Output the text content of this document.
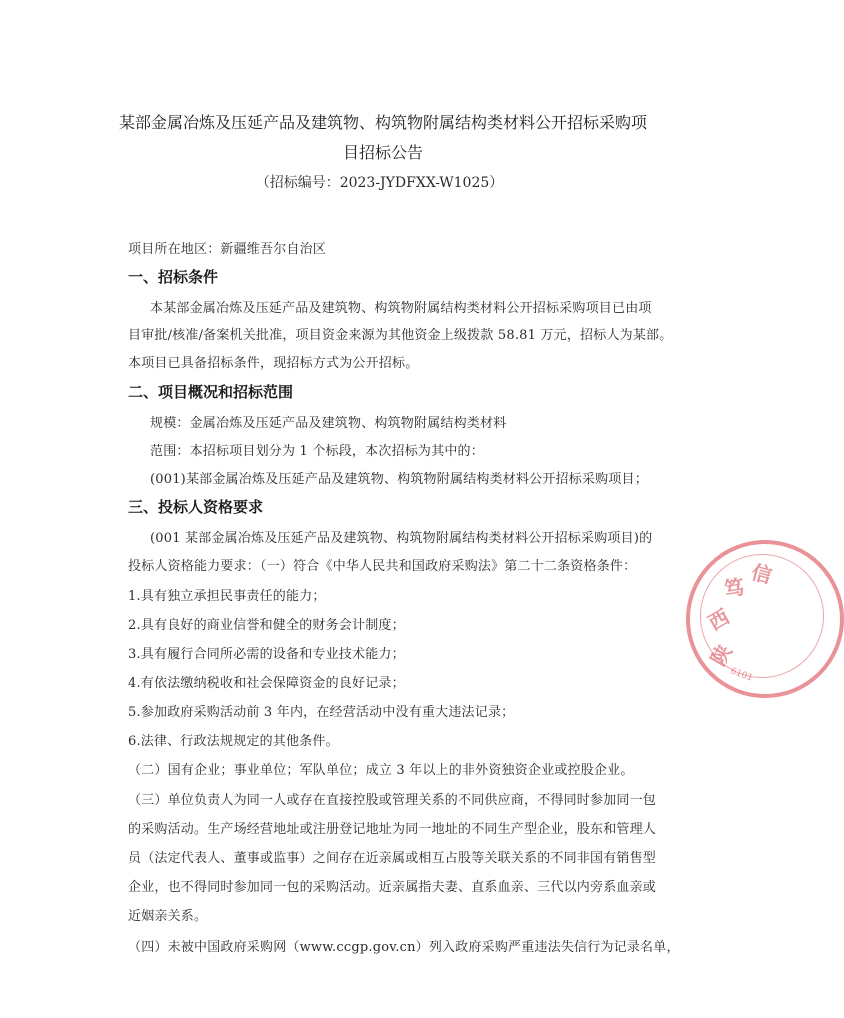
某部金属冶炼及压延产品及建筑物、构筑物附属结构类材料公开招标采购项目招标公告
（招标编号：2023-JYDFXX-W1025）
项目所在地区：新疆维吾尔自治区
一、招标条件
本某部金属冶炼及压延产品及建筑物、构筑物附属结构类材料公开招标采购项目已由项
目审批/核准/备案机关批准，项目资金来源为其他资金上级拨款 58.81 万元，招标人为某部。
本项目已具备招标条件，现招标方式为公开招标。
二、项目概况和招标范围
规模：金属冶炼及压延产品及建筑物、构筑物附属结构类材料
范围：本招标项目划分为 1 个标段，本次招标为其中的：
(001)某部金属冶炼及压延产品及建筑物、构筑物附属结构类材料公开招标采购项目；
三、投标人资格要求
(001 某部金属冶炼及压延产品及建筑物、构筑物附属结构类材料公开招标采购项目)的
投标人资格能力要求：（一）符合《中华人民共和国政府采购法》第二十二条资格条件：
1.具有独立承担民事责任的能力；
2.具有良好的商业信誉和健全的财务会计制度；
3.具有履行合同所必需的设备和专业技术能力；
4.有依法缴纳税收和社会保障资金的良好记录；
5.参加政府采购活动前 3 年内，在经营活动中没有重大违法记录；
6.法律、行政法规规定的其他条件。
（二）国有企业；事业单位；军队单位；成立 3 年以上的非外资独资企业或控股企业。
（三）单位负责人为同一人或存在直接控股或管理关系的不同供应商，不得同时参加同一包
的采购活动。生产场经营地址或注册登记地址为同一地址的不同生产型企业，股东和管理人
员（法定代表人、董事或监事）之间存在近亲属或相互占股等关联关系的不同非国有销售型
企业，也不得同时参加同一包的采购活动。近亲属指夫妻、直系血亲、三代以内旁系血亲或
近姻亲关系。
（四）未被中国政府采购网（www.ccgp.gov.cn）列入政府采购严重违法失信行为记录名单，
陕
西
笃 信
6101
